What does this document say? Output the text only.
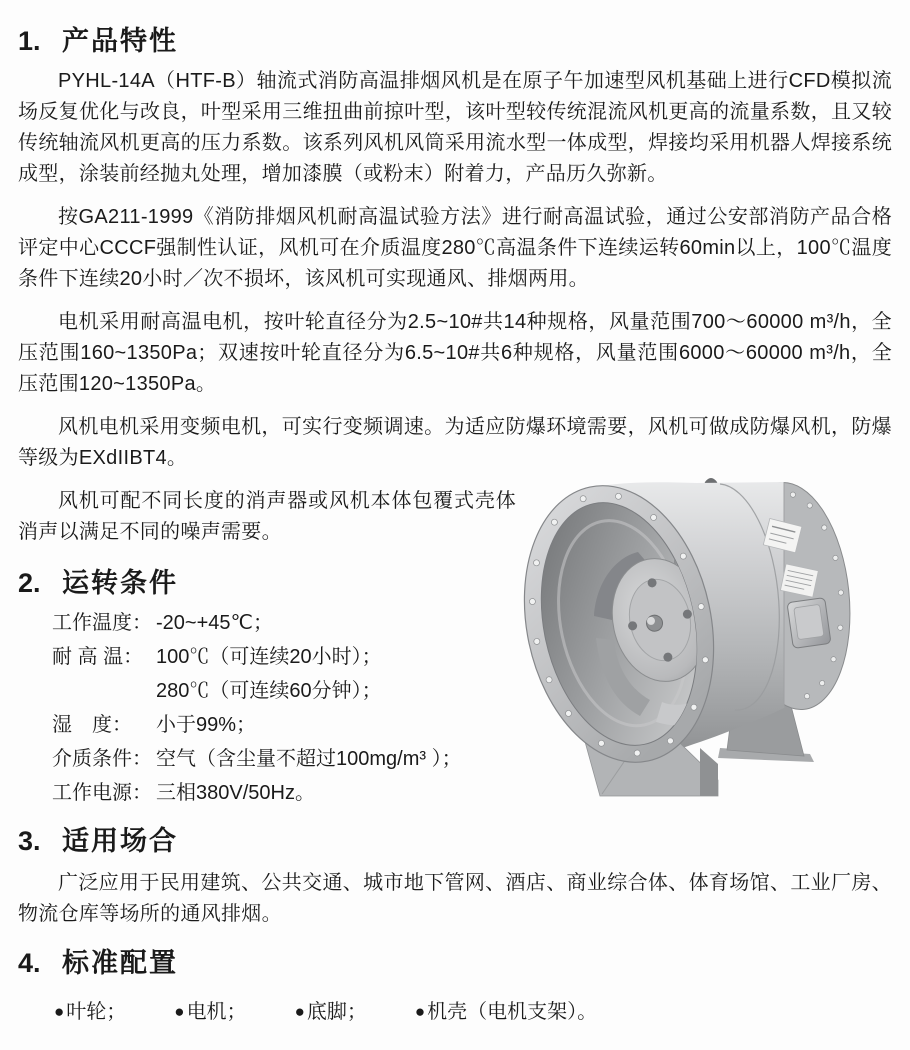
1. 产品特性

PYHL-14A（HTF-B）轴流式消防高温排烟风机是在原子午加速型风机基础上进行CFD模拟流场反复优化与改良，叶型采用三维扭曲前掠叶型，该叶型较传统混流风机更高的流量系数，且又较传统轴流风机更高的压力系数。该系列风机风筒采用流水型一体成型，焊接均采用机器人焊接系统成型，涂装前经抛丸处理，增加漆膜（或粉末）附着力，产品历久弥新。

按GA211-1999《消防排烟风机耐高温试验方法》进行耐高温试验，通过公安部消防产品合格评定中心CCCF强制性认证，风机可在介质温度280℃高温条件下连续运转60min以上，100℃温度条件下连续20小时／次不损坏，该风机可实现通风、排烟两用。

电机采用耐高温电机，按叶轮直径分为2.5~10#共14种规格，风量范围700～60000 m³/h，全压范围160~1350Pa；双速按叶轮直径分为6.5~10#共6种规格，风量范围6000～60000 m³/h，全压范围120~1350Pa。

风机电机采用变频电机，可实行变频调速。为适应防爆环境需要，风机可做成防爆风机，防爆等级为EXdIIBT4。

风机可配不同长度的消声器或风机本体包覆式壳体消声以满足不同的噪声需要。

2. 运转条件
工作温度： -20~+45℃；
耐 高 温： 100℃（可连续20小时）；
280℃（可连续60分钟）；
湿　度：	小于99%；
介质条件： 空气（含尘量不超过100mg/m³ ）；
工作电源： 三相380V/50Hz。
3. 适用场合

广泛应用于民用建筑、公共交通、城市地下管网、酒店、商业综合体、体育场馆、工业厂房、物流仓库等场所的通风排烟。

4. 标准配置
● 叶轮；	● 电机；	● 底脚；	● 机壳（电机支架）。
